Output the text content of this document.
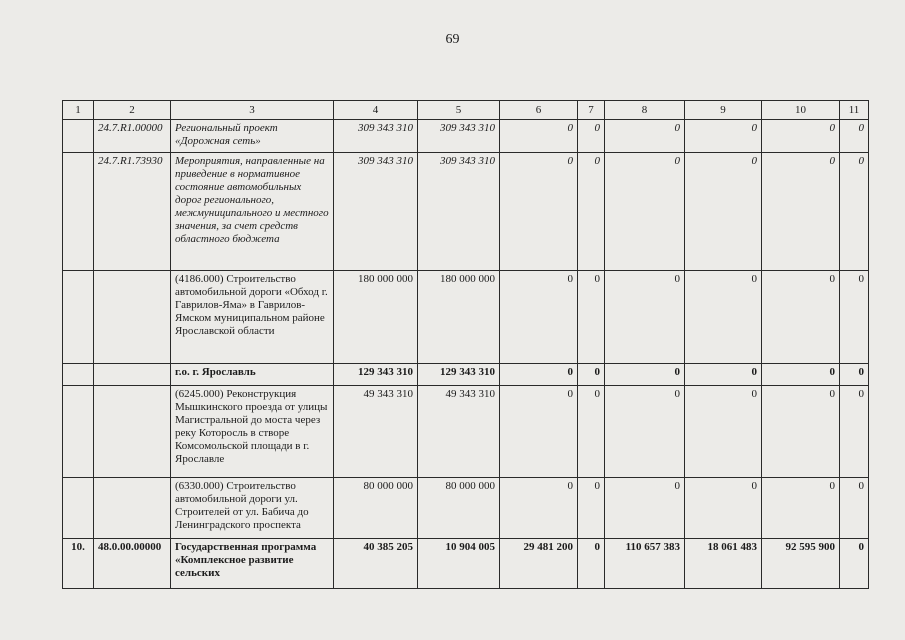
69
1	2	3	4	5	6	7	8	9	10	11
	24.7.R1.00000	Региональный проект «Дорожная сеть»	309 343 310	309 343 310	0	0	0	0	0	0
	24.7.R1.73930	Мероприятия, направленные на приведение в нормативное состояние автомобильных дорог регионального, межмуниципального и местного значения, за счет средств областного бюджета	309 343 310	309 343 310	0	0	0	0	0	0
		(4186.000) Строительство автомобильной дороги «Обход г. Гаврилов-Яма» в Гаврилов-Ямском муниципальном районе Ярославской области	180 000 000	180 000 000	0	0	0	0	0	0
		г.о. г. Ярославль	129 343 310	129 343 310	0	0	0	0	0	0
		(6245.000) Реконструкция Мышкинского проезда от улицы Магистральной до моста через реку Которосль в створе Комсомольской площади в г. Ярославле	49 343 310	49 343 310	0	0	0	0	0	0
		(6330.000) Строительство автомобильной дороги ул. Строителей от ул. Бабича до Ленинградского проспекта	80 000 000	80 000 000	0	0	0	0	0	0
10.	48.0.00.00000	Государственная программа «Комплексное развитие сельских	40 385 205	10 904 005	29 481 200	0	110 657 383	18 061 483	92 595 900	0
